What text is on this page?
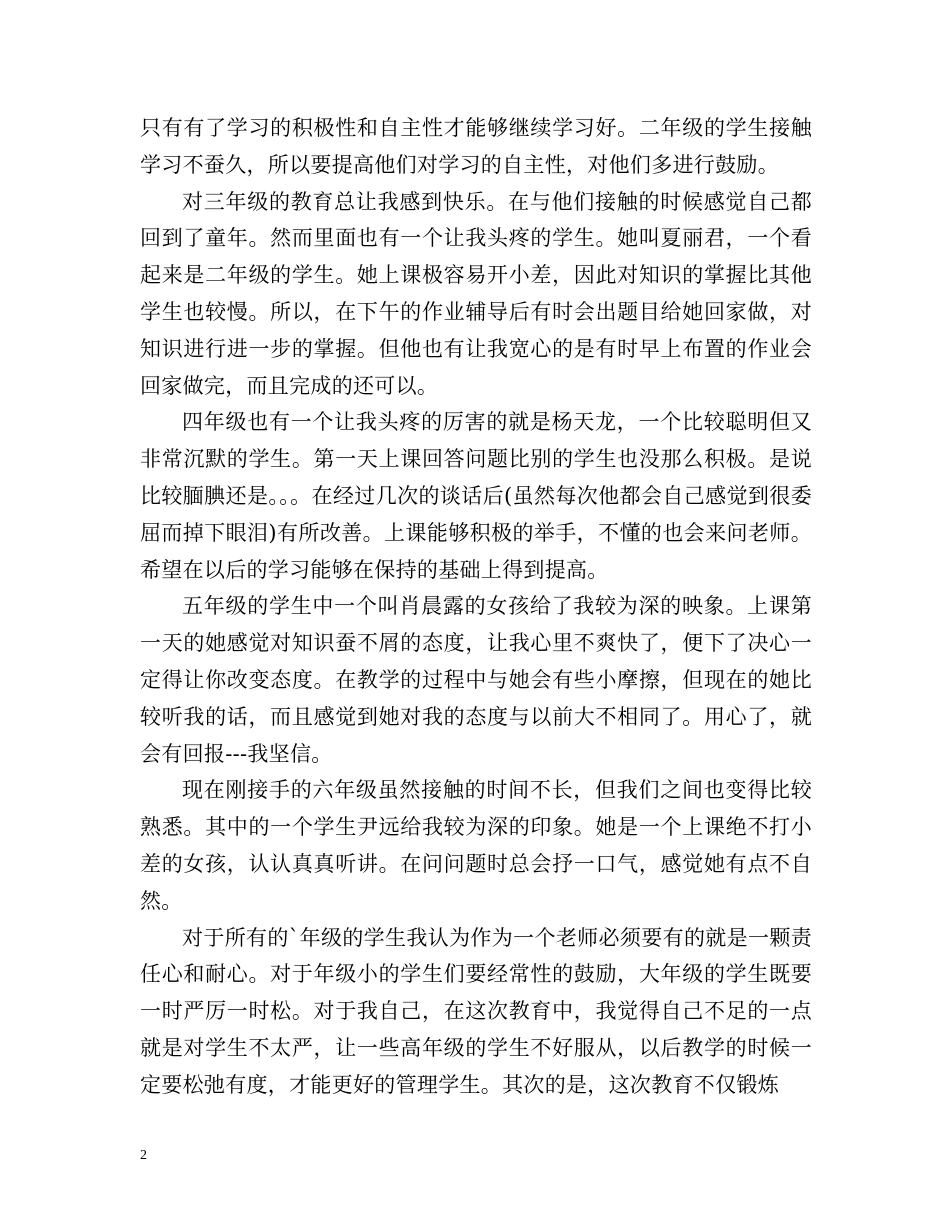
只有有了学习的积极性和自主性才能够继续学习好。二年级的学生接触学习不蚕久，所以要提高他们对学习的自主性，对他们多进行鼓励。

对三年级的教育总让我感到快乐。在与他们接触的时候感觉自己都回到了童年。然而里面也有一个让我头疼的学生。她叫夏丽君，一个看起来是二年级的学生。她上课极容易开小差，因此对知识的掌握比其他学生也较慢。所以，在下午的作业辅导后有时会出题目给她回家做，对知识进行进一步的掌握。但他也有让我宽心的是有时早上布置的作业会回家做完，而且完成的还可以。

四年级也有一个让我头疼的厉害的就是杨天龙，一个比较聪明但又非常沉默的学生。第一天上课回答问题比别的学生也没那么积极。是说比较腼腆还是。。。在经过几次的谈话后(虽然每次他都会自己感觉到很委屈而掉下眼泪)有所改善。上课能够积极的举手，不懂的也会来问老师。希望在以后的学习能够在保持的基础上得到提高。

五年级的学生中一个叫肖晨露的女孩给了我较为深的映象。上课第一天的她感觉对知识蚕不屑的态度，让我心里不爽快了，便下了决心一定得让你改变态度。在教学的过程中与她会有些小摩擦，但现在的她比较听我的话，而且感觉到她对我的态度与以前大不相同了。用心了，就会有回报---我坚信。

现在刚接手的六年级虽然接触的时间不长，但我们之间也变得比较熟悉。其中的一个学生尹远给我较为深的印象。她是一个上课绝不打小差的女孩，认认真真听讲。在问问题时总会抒一口气，感觉她有点不自然。

对于所有的`年级的学生我认为作为一个老师必须要有的就是一颗责任心和耐心。对于年级小的学生们要经常性的鼓励，大年级的学生既要一时严厉一时松。对于我自己，在这次教育中，我觉得自己不足的一点就是对学生不太严，让一些高年级的学生不好服从，以后教学的时候一定要松弛有度，才能更好的管理学生。其次的是，这次教育不仅锻炼

2
